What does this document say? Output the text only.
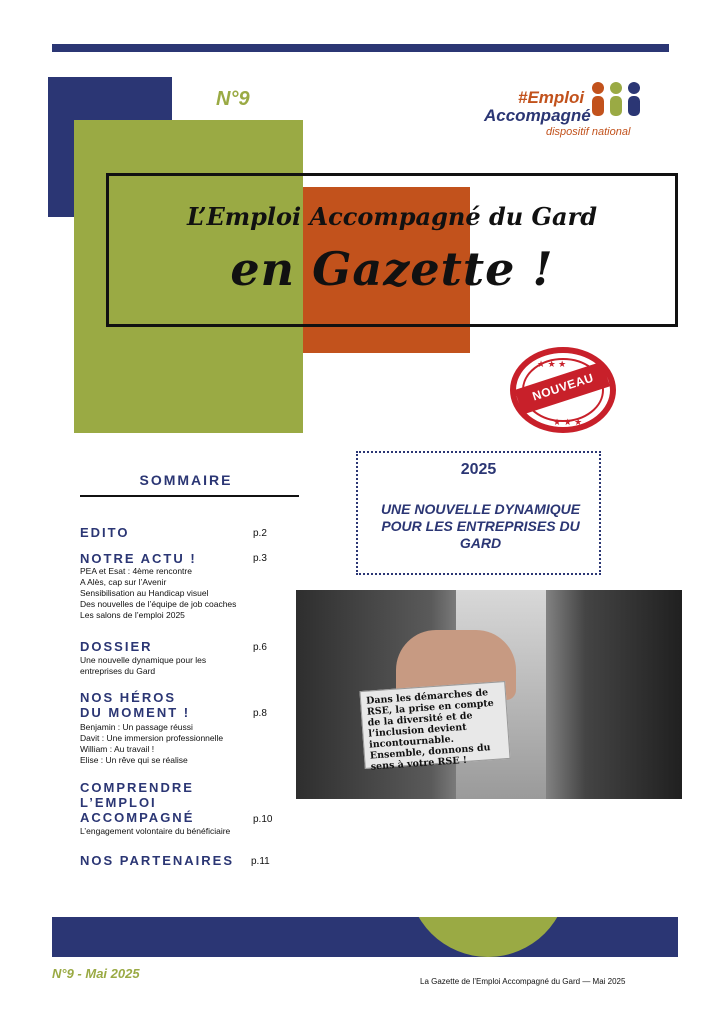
N°9	#Emploi
Accompagné
dispositif national
L’Emploi Accompagné du Gard
en Gazette !
★ ★ ★
★ ★ ★
NOUVEAU
SOMMAIRE
EDITO	p.2
NOTRE ACTU !	p.3
PEA et Esat : 4ème rencontre
A Alès, cap sur l’Avenir
Sensibilisation au Handicap visuel
Des nouvelles de l’équipe de job coaches
Les salons de l’emploi 2025
DOSSIER	p.6
Une nouvelle dynamique pour les
entreprises du Gard
NOS HÉROS
DU MOMENT !	p.8
Benjamin : Un passage réussi
Davit : Une immersion professionnelle
William : Au travail !
Elise : Un rêve qui se réalise
COMPRENDRE
L’EMPLOI
ACCOMPAGNÉ	p.10
L’engagement volontaire du bénéficiaire
NOS PARTENAIRES p.11
2025
UNE NOUVELLE DYNAMIQUE POUR LES ENTREPRISES DU GARD
Dans les démarches de RSE, la prise en compte de la diversité et de l’inclusion devient incontournable. Ensemble, donnons du sens à votre RSE !
N°9 - Mai 2025
La Gazette de l’Emploi Accompagné du Gard — Mai 2025
